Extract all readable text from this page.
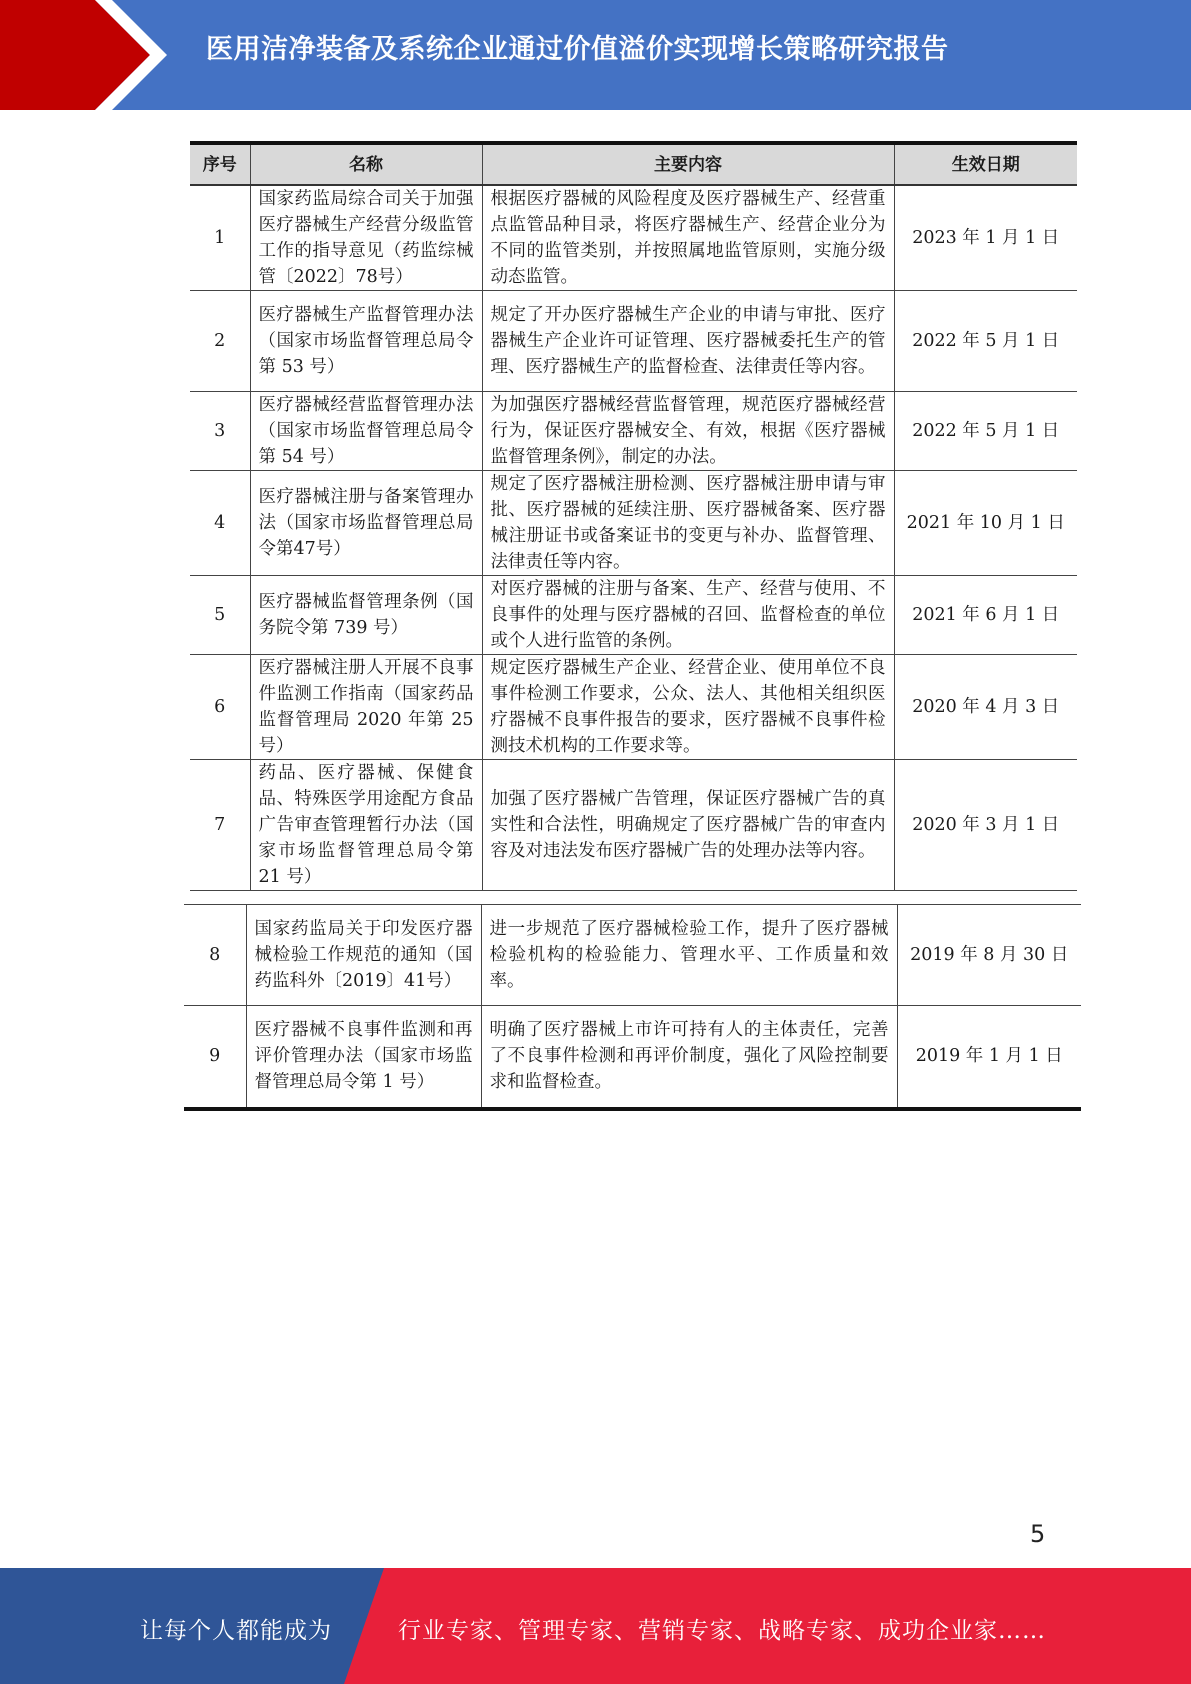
医用洁净装备及系统企业通过价值溢价实现增长策略研究报告
序号	名称	主要内容	生效日期
1	国家药监局综合司关于加强医疗器械生产经营分级监管工作的指导意见（药监综械管〔2022〕78号）	根据医疗器械的风险程度及医疗器械生产、经营重点监管品种目录，将医疗器械生产、经营企业分为不同的监管类别，并按照属地监管原则，实施分级动态监管。	2023 年 1 月 1 日
2	医疗器械生产监督管理办法（国家市场监督管理总局令第 53 号）	规定了开办医疗器械生产企业的申请与审批、医疗器械生产企业许可证管理、医疗器械委托生产的管理、医疗器械生产的监督检查、法律责任等内容。	2022 年 5 月 1 日
3	医疗器械经营监督管理办法（国家市场监督管理总局令第 54 号）	为加强医疗器械经营监督管理，规范医疗器械经营行为，保证医疗器械安全、有效，根据《医疗器械监督管理条例》，制定的办法。	2022 年 5 月 1 日
4	医疗器械注册与备案管理办法（国家市场监督管理总局令第47号）	规定了医疗器械注册检测、医疗器械注册申请与审批、医疗器械的延续注册、医疗器械备案、医疗器械注册证书或备案证书的变更与补办、监督管理、法律责任等内容。	2021 年 10 月 1 日
5	医疗器械监督管理条例（国务院令第 739 号）	对医疗器械的注册与备案、生产、经营与使用、不良事件的处理与医疗器械的召回、监督检查的单位或个人进行监管的条例。	2021 年 6 月 1 日
6	医疗器械注册人开展不良事件监测工作指南（国家药品监督管理局 2020 年第 25 号）	规定医疗器械生产企业、经营企业、使用单位不良事件检测工作要求，公众、法人、其他相关组织医疗器械不良事件报告的要求，医疗器械不良事件检测技术机构的工作要求等。	2020 年 4 月 3 日
7	药品、医疗器械、保健食品、特殊医学用途配方食品广告审查管理暂行办法（国家市场监督管理总局令第 21 号）	加强了医疗器械广告管理，保证医疗器械广告的真实性和合法性，明确规定了医疗器械广告的审查内容及对违法发布医疗器械广告的处理办法等内容。	2020 年 3 月 1 日
8	国家药监局关于印发医疗器械检验工作规范的通知（国药监科外〔2019〕41号）	进一步规范了医疗器械检验工作，提升了医疗器械检验机构的检验能力、管理水平、工作质量和效率。	2019 年 8 月 30 日
9	医疗器械不良事件监测和再评价管理办法（国家市场监督管理总局令第 1 号）	明确了医疗器械上市许可持有人的主体责任，完善了不良事件检测和再评价制度，强化了风险控制要求和监督检查。	2019 年 1 月 1 日
5
让每个人都能成为	行业专家、管理专家、营销专家、战略专家、成功企业家……
